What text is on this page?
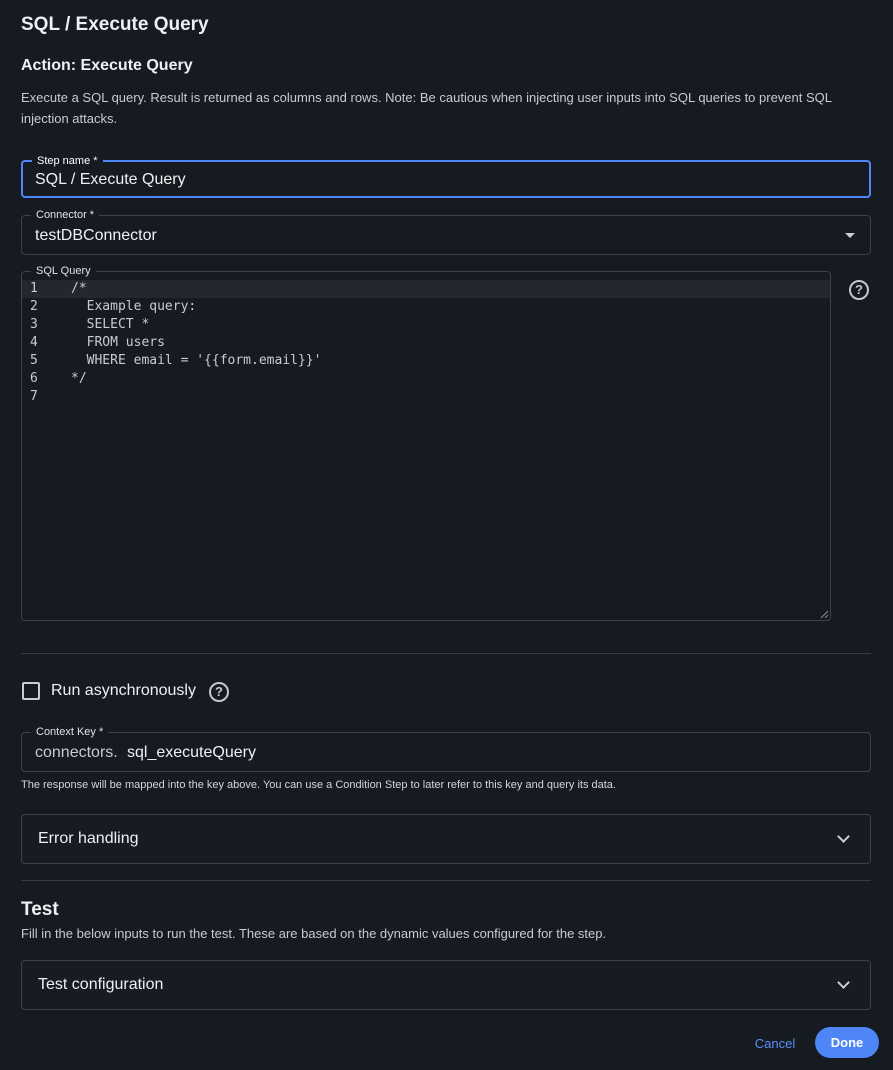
SQL / Execute Query
Action: Execute Query
Execute a SQL query. Result is returned as columns and rows. Note: Be cautious when injecting user inputs into SQL queries to prevent SQL injection attacks.
Step name *
SQL / Execute Query
Connector *
testDBConnector
SQL Query
1	/*
2	Example query:
3	SELECT *
4	FROM users
5	WHERE email = '{{form.email}}'
6	*/
7
?
Run asynchronously	?
Context Key *
connectors. sql_executeQuery
The response will be mapped into the key above. You can use a Condition Step to later refer to this key and query its data.
Error handling
Test
Fill in the below inputs to run the test. These are based on the dynamic values configured for the step.
Test configuration
Cancel	Done
